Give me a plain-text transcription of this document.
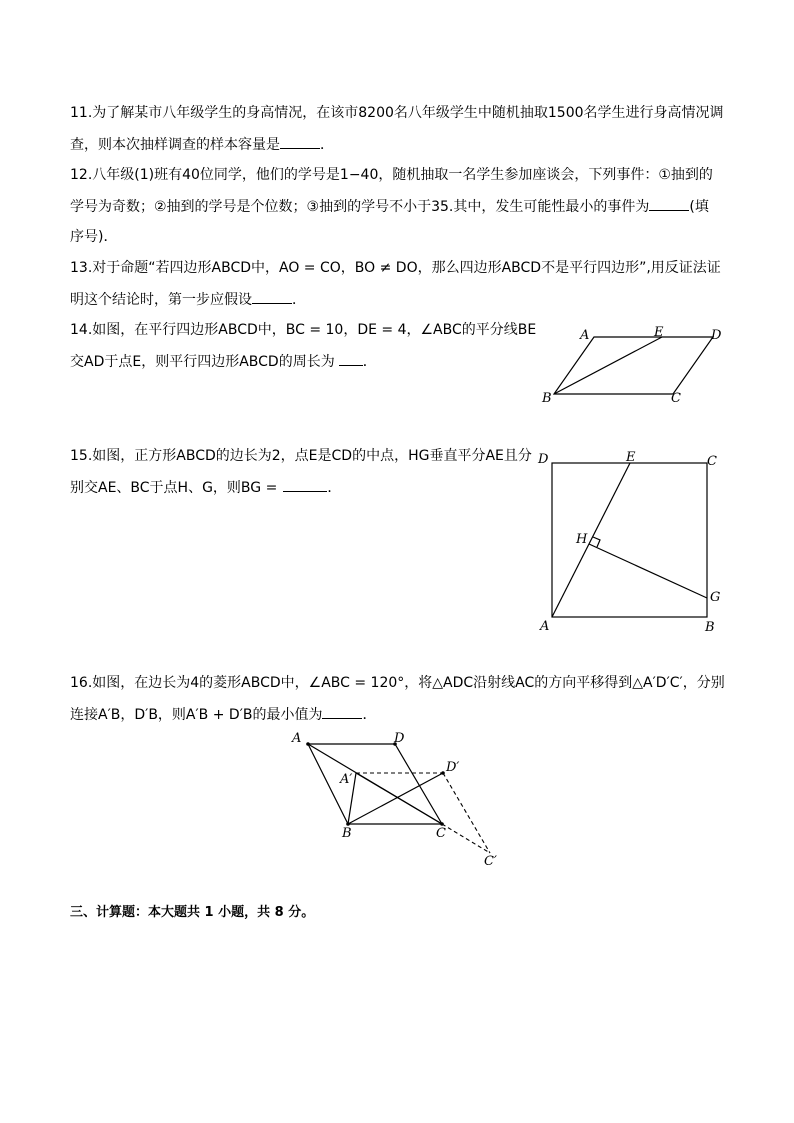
11.为了解某市八年级学生的身高情况，在该市8200名八年级学生中随机抽取1500名学生进行身高情况调
查，则本次抽样调查的样本容量是	．
12.八年级(1)班有40位同学，他们的学号是1−40，随机抽取一名学生参加座谈会，下列事件：①抽到的
学号为奇数；②抽到的学号是个位数；③抽到的学号不小于35.其中，发生可能性最小的事件为	(填
序号)．
13.对于命题“若四边形ABCD中，AO = CO，BO ≠ DO，那么四边形ABCD不是平行四边形”,用反证法证
明这个结论时，第一步应假设	．
14.如图，在平行四边形ABCD中，BC = 10，DE = 4，∠ABC的平分线BE
交AD于点E，则平行四边形ABCD的周长为 ．
A	E	D
B	C
15.如图，正方形ABCD的边长为2，点E是CD的中点，HG垂直平分AE且分
别交AE、BC于点H、G，则BG =	．
D	E	C
H
G
A	B
16.如图，在边长为4的菱形ABCD中，∠ABC = 120°，将△ADC沿射线AC的方向平移得到△A′D′C′，分别
连接A′B，D′B，则A′B + D′B的最小值为	．
A	D
A′
D′
B	C
C′
三、计算题：本大题共 1 小题，共 8 分。
